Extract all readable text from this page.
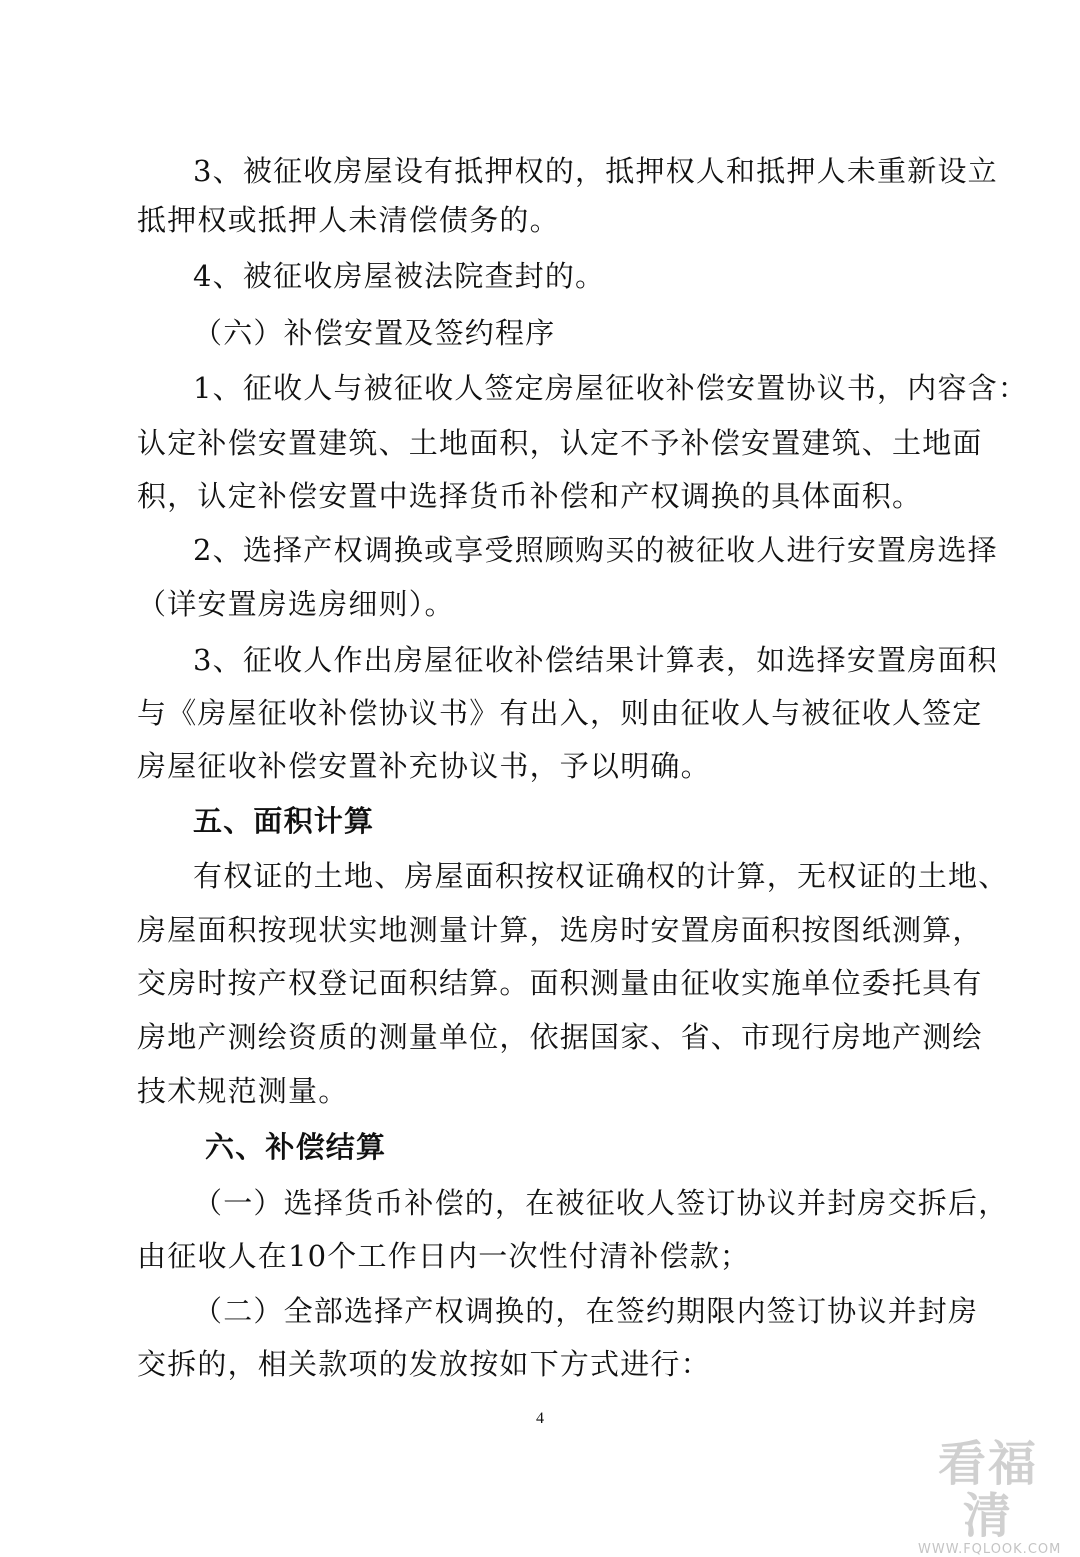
3、被征收房屋设有抵押权的，抵押权人和抵押人未重新设立
抵押权或抵押人未清偿债务的。
4、被征收房屋被法院查封的。
（六）补偿安置及签约程序
1、征收人与被征收人签定房屋征收补偿安置协议书，内容含：
认定补偿安置建筑、土地面积，认定不予补偿安置建筑、土地面
积，认定补偿安置中选择货币补偿和产权调换的具体面积。
2、选择产权调换或享受照顾购买的被征收人进行安置房选择
（详安置房选房细则）。
3、征收人作出房屋征收补偿结果计算表，如选择安置房面积
与《房屋征收补偿协议书》有出入，则由征收人与被征收人签定
房屋征收补偿安置补充协议书，予以明确。
五、面积计算
有权证的土地、房屋面积按权证确权的计算，无权证的土地、
房屋面积按现状实地测量计算，选房时安置房面积按图纸测算，
交房时按产权登记面积结算。面积测量由征收实施单位委托具有
房地产测绘资质的测量单位，依据国家、省、市现行房地产测绘
技术规范测量。
六、补偿结算
（一）选择货币补偿的，在被征收人签订协议并封房交拆后，
由征收人在10个工作日内一次性付清补偿款；
（二）全部选择产权调换的，在签约期限内签订协议并封房
交拆的，相关款项的发放按如下方式进行：
4
看福清
WWW.FQLOOK.COM
